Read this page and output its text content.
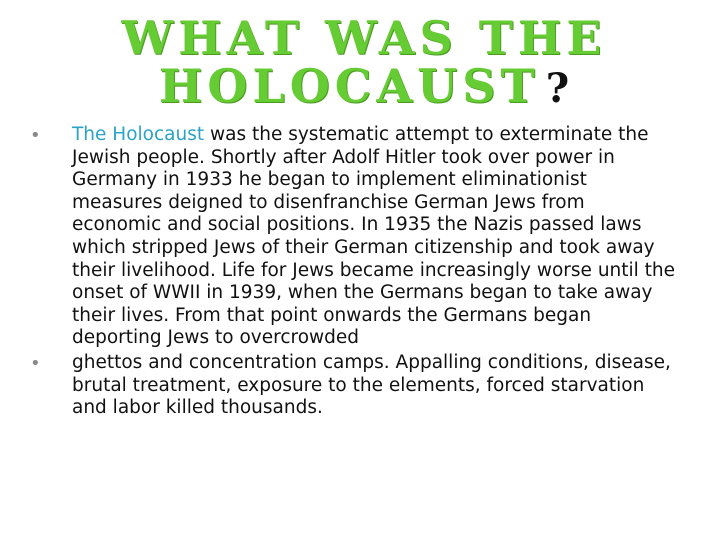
WHAT WAS THE
HOLOCAUST ?
• The Holocaust was the systematic attempt to exterminate the Jewish people. Shortly after Adolf Hitler took over power in Germany in 1933 he began to implement eliminationist measures deigned to disenfranchise German Jews from economic and social positions. In 1935 the Nazis passed laws which stripped Jews of their German citizenship and took away their livelihood. Life for Jews became increasingly worse until the onset of WWII in 1939, when the Germans began to take away their lives. From that point onwards the Germans began deporting Jews to overcrowded
• ghettos and concentration camps. Appalling conditions, disease, brutal treatment, exposure to the elements, forced starvation and labor killed thousands.
